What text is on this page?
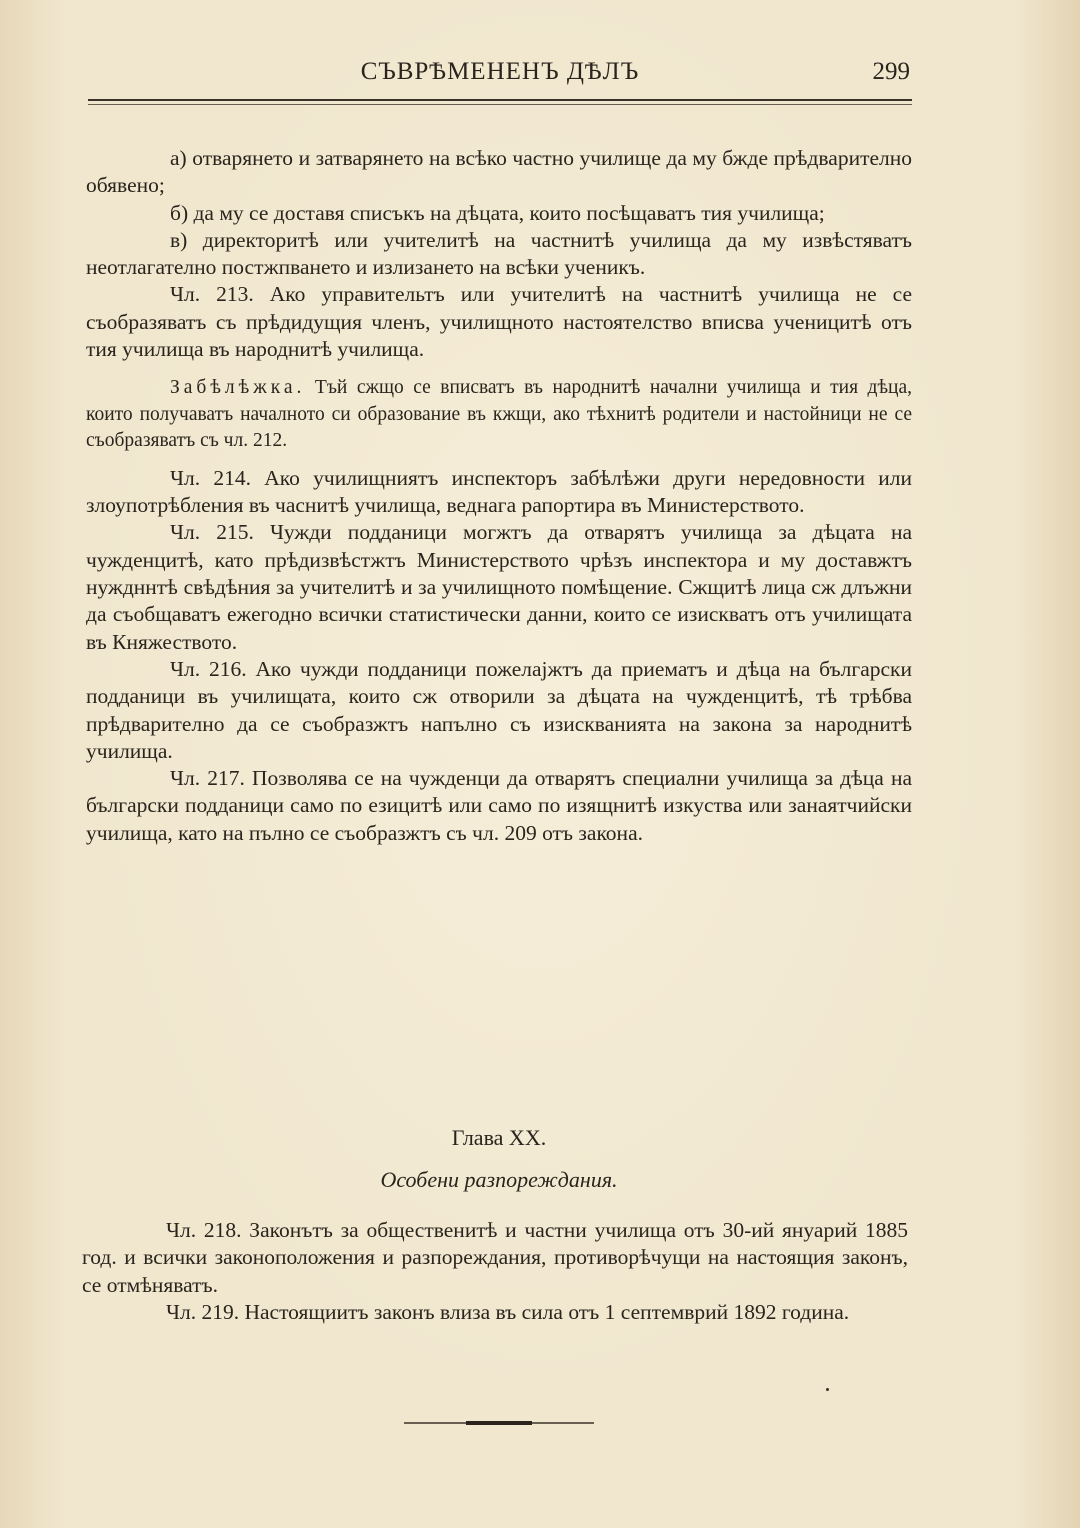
СЪВРѢМЕНЕНЪ ДѢЛЪ	299

а) отварянето и затварянето на всѣко частно училище да му бжде прѣдварително обявено;

б) да му се доставя списъкъ на дѣцата, които посѣщаватъ тия училища;

в) директоритѣ или учителитѣ на частнитѣ училища да му извѣстяватъ неотлагателно постжпването и излизането на всѣки ученикъ.

Чл. 213. Ако управительтъ или учителитѣ на частнитѣ училища не се съобразяватъ съ прѣдидущия членъ, училищното настоятелство вписва ученицитѣ отъ тия училища въ народнитѣ училища.

Забѣлѣжка. Тъй сжщо се вписватъ въ народнитѣ начални училища и тия дѣца, които получаватъ началното си образование въ кжщи, ако тѣхнитѣ родители и настойници не се съобразяватъ съ чл. 212.

Чл. 214. Ако училищниятъ инспекторъ забѣлѣжи други нередовности или злоупотрѣбления въ часнитѣ училища, веднага рапортира въ Министерството.

Чл. 215. Чужди подданици могжтъ да отварятъ училища за дѣцата на чужденцитѣ, като прѣдизвѣстжтъ Министерството чрѣзъ инспектора и му доставжтъ нуждннтѣ свѣдѣния за учителитѣ и за училищното помѣщение. Сжщитѣ лица сж длъжни да съобщаватъ ежегодно всички статистически данни, които се изискватъ отъ училищата въ Княжеството.

Чл. 216. Ако чужди подданици пожелаjжтъ да приематъ и дѣца на български подданици въ училищата, които сж отворили за дѣцата на чужденцитѣ, тѣ трѣбва прѣдварително да се съобразжтъ напълно съ изискванията на закона за народнитѣ училища.

Чл. 217. Позволява се на чужденци да отварятъ специални училища за дѣца на български подданици само по езицитѣ или само по изящнитѣ изкуства или занаятчийски училища, като на пълно се съобразжтъ съ чл. 209 отъ закона.

Глава XX.
Особени разпореждания.

Чл. 218. Законътъ за общественитѣ и частни училища отъ 30-ий януарий 1885 год. и всички законоположения и разпореждания, противорѣчущи на настоящия законъ, се отмѣняватъ.

Чл. 219. Настоящиитъ законъ влиза въ сила отъ 1 септемврий 1892 година.
